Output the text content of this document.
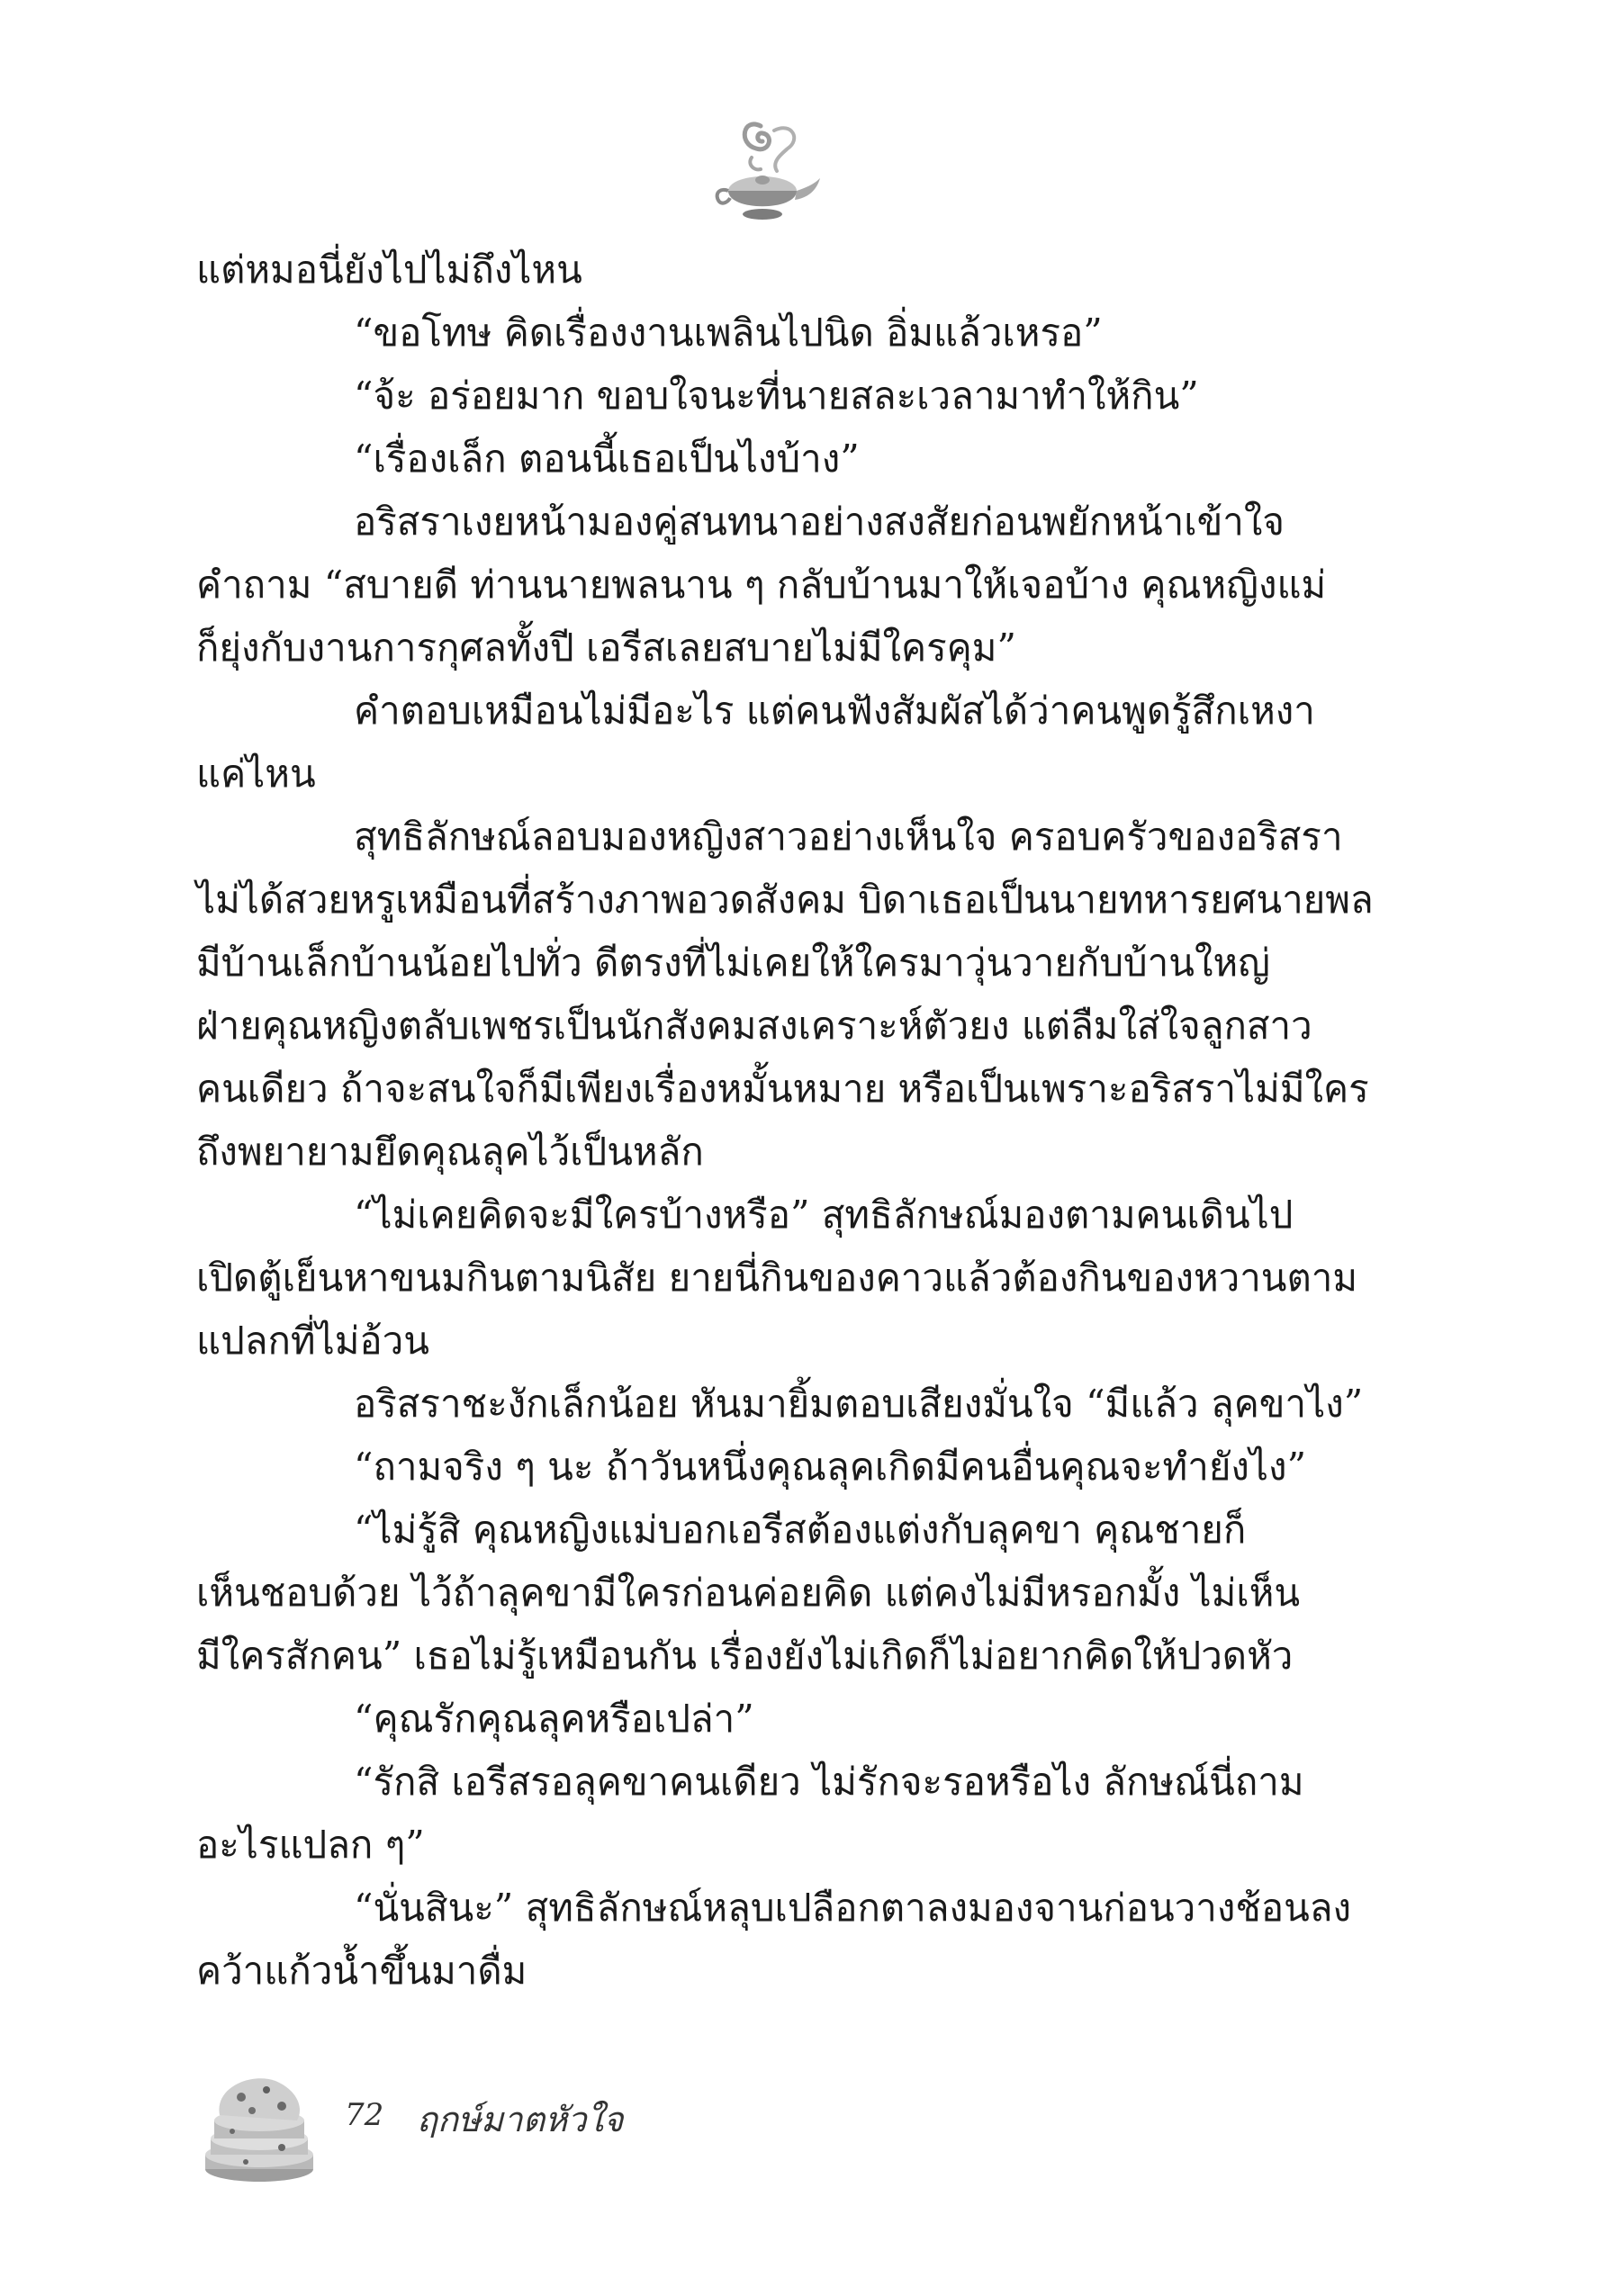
แต่หมอนี่ยังไปไม่ถึงไหน
“ขอโทษ คิดเรื่องงานเพลินไปนิด อิ่มแล้วเหรอ”
“จ้ะ อร่อยมาก ขอบใจนะที่นายสละเวลามาทำให้กิน”
“เรื่องเล็ก ตอนนี้เธอเป็นไงบ้าง”
อริสราเงยหน้ามองคู่สนทนาอย่างสงสัยก่อนพยักหน้าเข้าใจ
คำถาม “สบายดี ท่านนายพลนาน ๆ กลับบ้านมาให้เจอบ้าง คุณหญิงแม่
ก็ยุ่งกับงานการกุศลทั้งปี เอรีสเลยสบายไม่มีใครคุม”
คำตอบเหมือนไม่มีอะไร แต่คนฟังสัมผัสได้ว่าคนพูดรู้สึกเหงา
แค่ไหน
สุทธิลักษณ์ลอบมองหญิงสาวอย่างเห็นใจ ครอบครัวของอริสรา
ไม่ได้สวยหรูเหมือนที่สร้างภาพอวดสังคม บิดาเธอเป็นนายทหารยศนายพล
มีบ้านเล็กบ้านน้อยไปทั่ว ดีตรงที่ไม่เคยให้ใครมาวุ่นวายกับบ้านใหญ่
ฝ่ายคุณหญิงตลับเพชรเป็นนักสังคมสงเคราะห์ตัวยง แต่ลืมใส่ใจลูกสาว
คนเดียว ถ้าจะสนใจก็มีเพียงเรื่องหมั้นหมาย หรือเป็นเพราะอริสราไม่มีใคร
ถึงพยายามยึดคุณลุคไว้เป็นหลัก
“ไม่เคยคิดจะมีใครบ้างหรือ” สุทธิลักษณ์มองตามคนเดินไป
เปิดตู้เย็นหาขนมกินตามนิสัย ยายนี่กินของคาวแล้วต้องกินของหวานตาม
แปลกที่ไม่อ้วน
อริสราชะงักเล็กน้อย หันมายิ้มตอบเสียงมั่นใจ “มีแล้ว ลุคขาไง”
“ถามจริง ๆ นะ ถ้าวันหนึ่งคุณลุคเกิดมีคนอื่นคุณจะทำยังไง”
“ไม่รู้สิ คุณหญิงแม่บอกเอรีสต้องแต่งกับลุคขา คุณชายก็
เห็นชอบด้วย ไว้ถ้าลุคขามีใครก่อนค่อยคิด แต่คงไม่มีหรอกมั้ง ไม่เห็น
มีใครสักคน” เธอไม่รู้เหมือนกัน เรื่องยังไม่เกิดก็ไม่อยากคิดให้ปวดหัว
“คุณรักคุณลุคหรือเปล่า”
“รักสิ เอรีสรอลุคขาคนเดียว ไม่รักจะรอหรือไง ลักษณ์นี่ถาม
อะไรแปลก ๆ”
“นั่นสินะ” สุทธิลักษณ์หลุบเปลือกตาลงมองจานก่อนวางช้อนลง
คว้าแก้วน้ำขึ้นมาดื่ม
72 ฤกษ์มาตหัวใจ
